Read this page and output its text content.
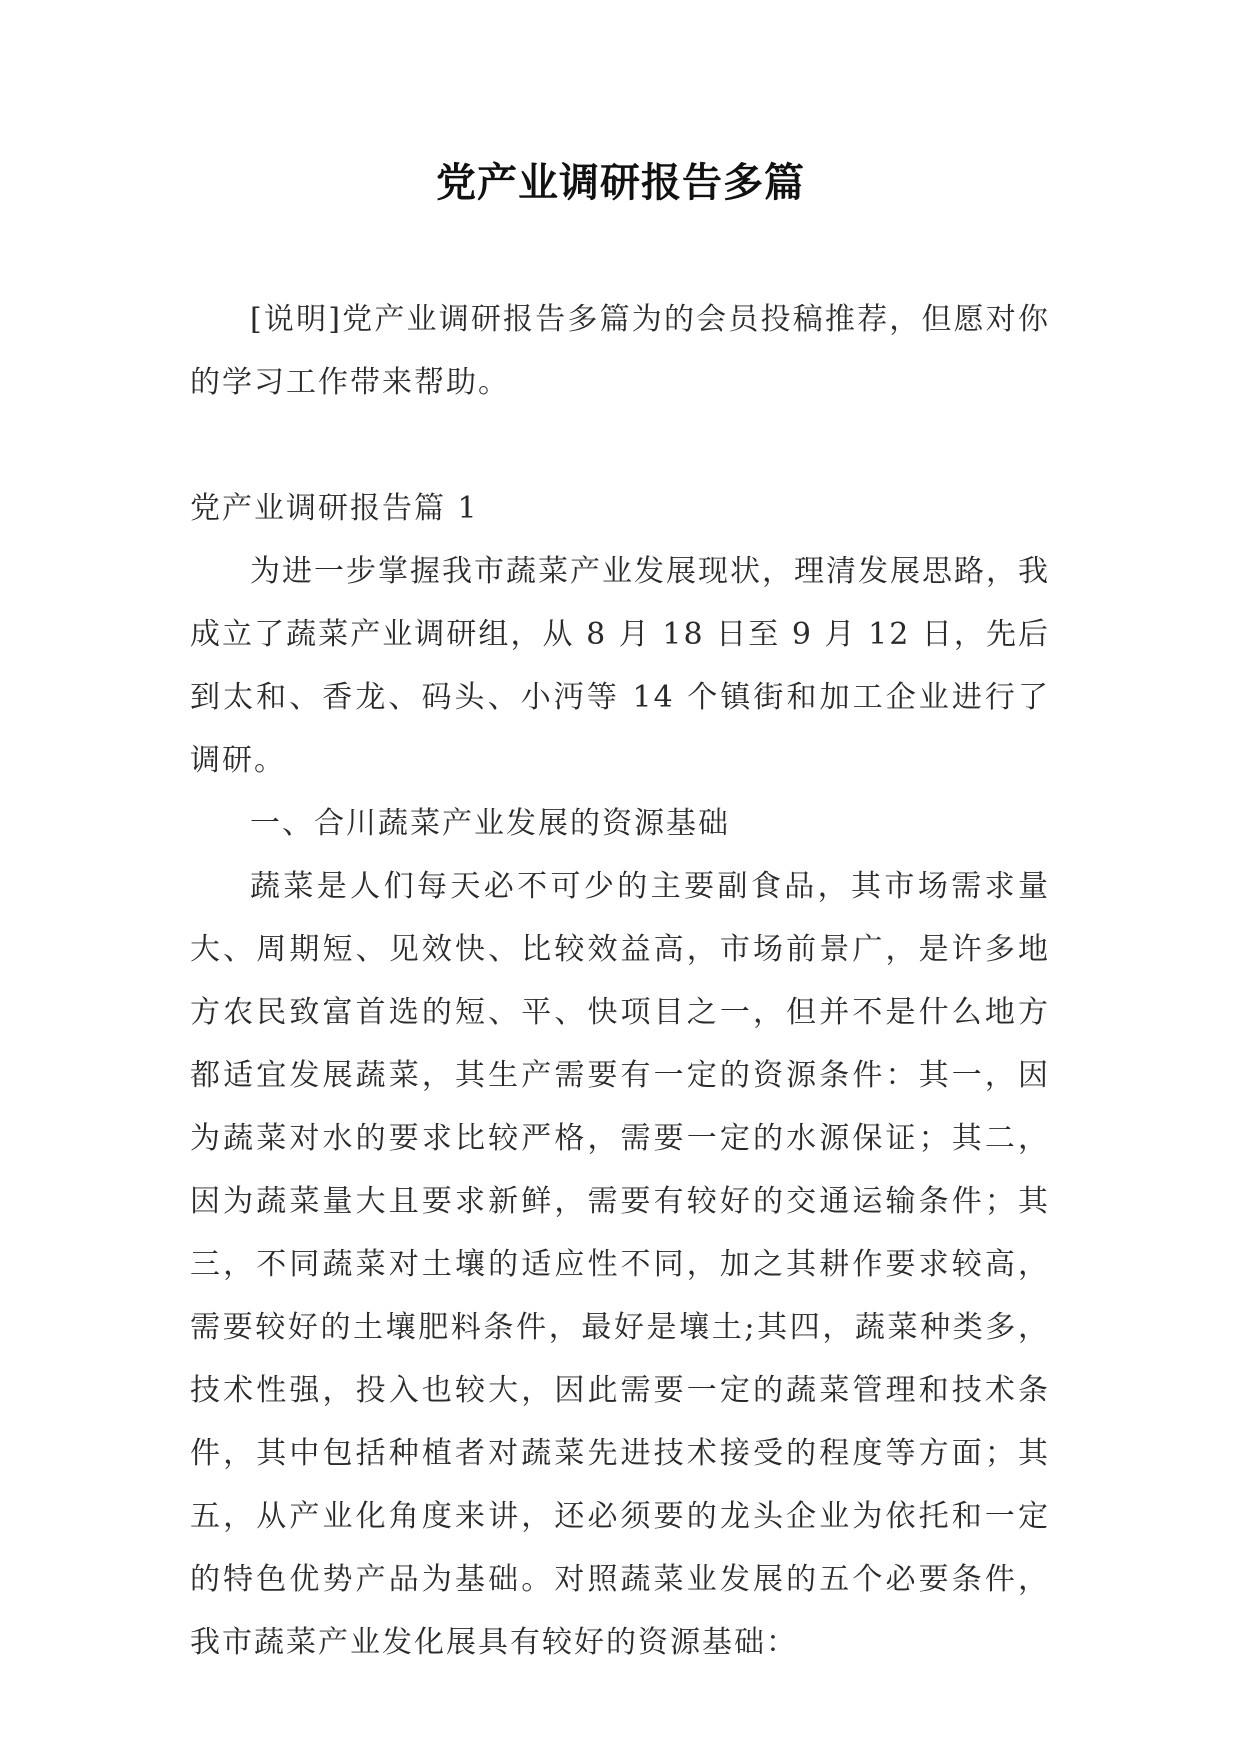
党产业调研报告多篇

[说明]党产业调研报告多篇为的会员投稿推荐，但愿对你的学习工作带来帮助。

党产业调研报告篇 1

为进一步掌握我市蔬菜产业发展现状，理清发展思路，我成立了蔬菜产业调研组，从 8 月 18 日至 9 月 12 日，先后到太和、香龙、码头、小沔等 14 个镇街和加工企业进行了调研。

一、合川蔬菜产业发展的资源基础

蔬菜是人们每天必不可少的主要副食品，其市场需求量大、周期短、见效快、比较效益高，市场前景广，是许多地方农民致富首选的短、平、快项目之一，但并不是什么地方都适宜发展蔬菜，其生产需要有一定的资源条件：其一，因为蔬菜对水的要求比较严格，需要一定的水源保证；其二，因为蔬菜量大且要求新鲜，需要有较好的交通运输条件；其三，不同蔬菜对土壤的适应性不同，加之其耕作要求较高，需要较好的土壤肥料条件，最好是壤土;其四，蔬菜种类多，技术性强，投入也较大，因此需要一定的蔬菜管理和技术条件，其中包括种植者对蔬菜先进技术接受的程度等方面；其五，从产业化角度来讲，还必须要的龙头企业为依托和一定的特色优势产品为基础。对照蔬菜业发展的五个必要条件，我市蔬菜产业发化展具有较好的资源基础：
